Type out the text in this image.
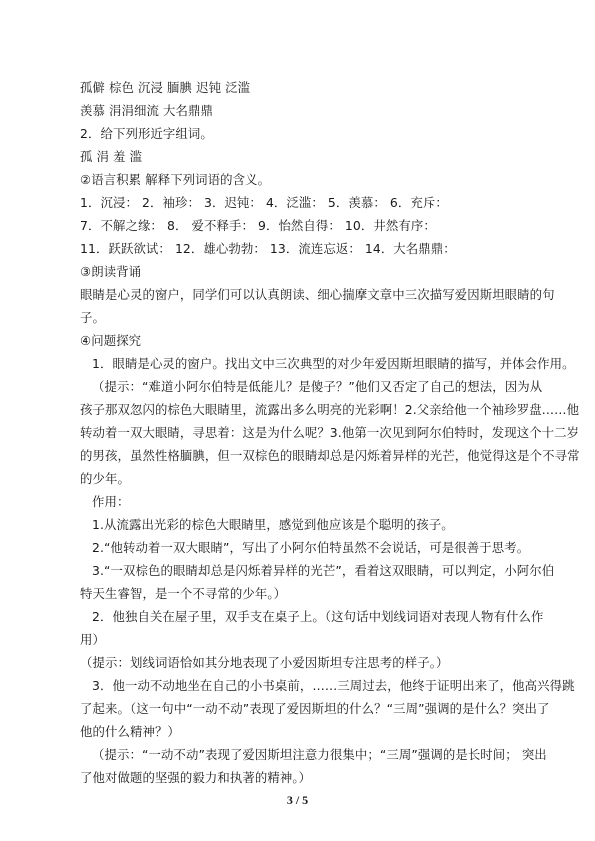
孤僻 棕色 沉浸 腼腆 迟钝 泛滥
羡慕 涓涓细流 大名鼎鼎
2．给下列形近字组词。
孤 涓 羞 滥
②语言积累 解释下列词语的含义。
1．沉浸： 2．袖珍： 3．迟钝： 4．泛滥： 5．羡慕： 6．充斥：
7．不解之缘： 8． 爱不释手： 9．怡然自得： 10．井然有序：
11．跃跃欲试： 12．雄心勃勃： 13．流连忘返： 14．大名鼎鼎：
③朗读背诵
眼睛是心灵的窗户，同学们可以认真朗读、细心揣摩文章中三次描写爱因斯坦眼睛的句
子。
④问题探究
1．眼睛是心灵的窗户。找出文中三次典型的对少年爱因斯坦眼睛的描写，并体会作用。
（提示：“难道小阿尔伯特是低能儿？是傻子？”他们又否定了自己的想法，因为从
孩子那双忽闪的棕色大眼睛里，流露出多么明亮的光彩啊！2.父亲给他一个袖珍罗盘……他
转动着一双大眼睛，寻思着：这是为什么呢？3.他第一次见到阿尔伯特时，发现这个十二岁
的男孩，虽然性格腼腆，但一双棕色的眼睛却总是闪烁着异样的光芒，他觉得这是个不寻常
的少年。
作用：
1.从流露出光彩的棕色大眼睛里，感觉到他应该是个聪明的孩子。
2.“他转动着一双大眼睛”，写出了小阿尔伯特虽然不会说话，可是很善于思考。
3.“一双棕色的眼睛却总是闪烁着异样的光芒”，看着这双眼睛，可以判定，小阿尔伯
特天生睿智，是一个不寻常的少年。）
2．他独自关在屋子里，双手支在桌子上。（这句话中划线词语对表现人物有什么作
用）
（提示：划线词语恰如其分地表现了小爱因斯坦专注思考的样子。）
3．他一动不动地坐在自己的小书桌前，……三周过去，他终于证明出来了，他高兴得跳
了起来。（这一句中“一动不动”表现了爱因斯坦的什么？“三周”强调的是什么？突出了
他的什么精神？）
（提示：“一动不动”表现了爱因斯坦注意力很集中；“三周”强调的是长时间； 突出
了他对做题的坚强的毅力和执著的精神。）
3 / 5
